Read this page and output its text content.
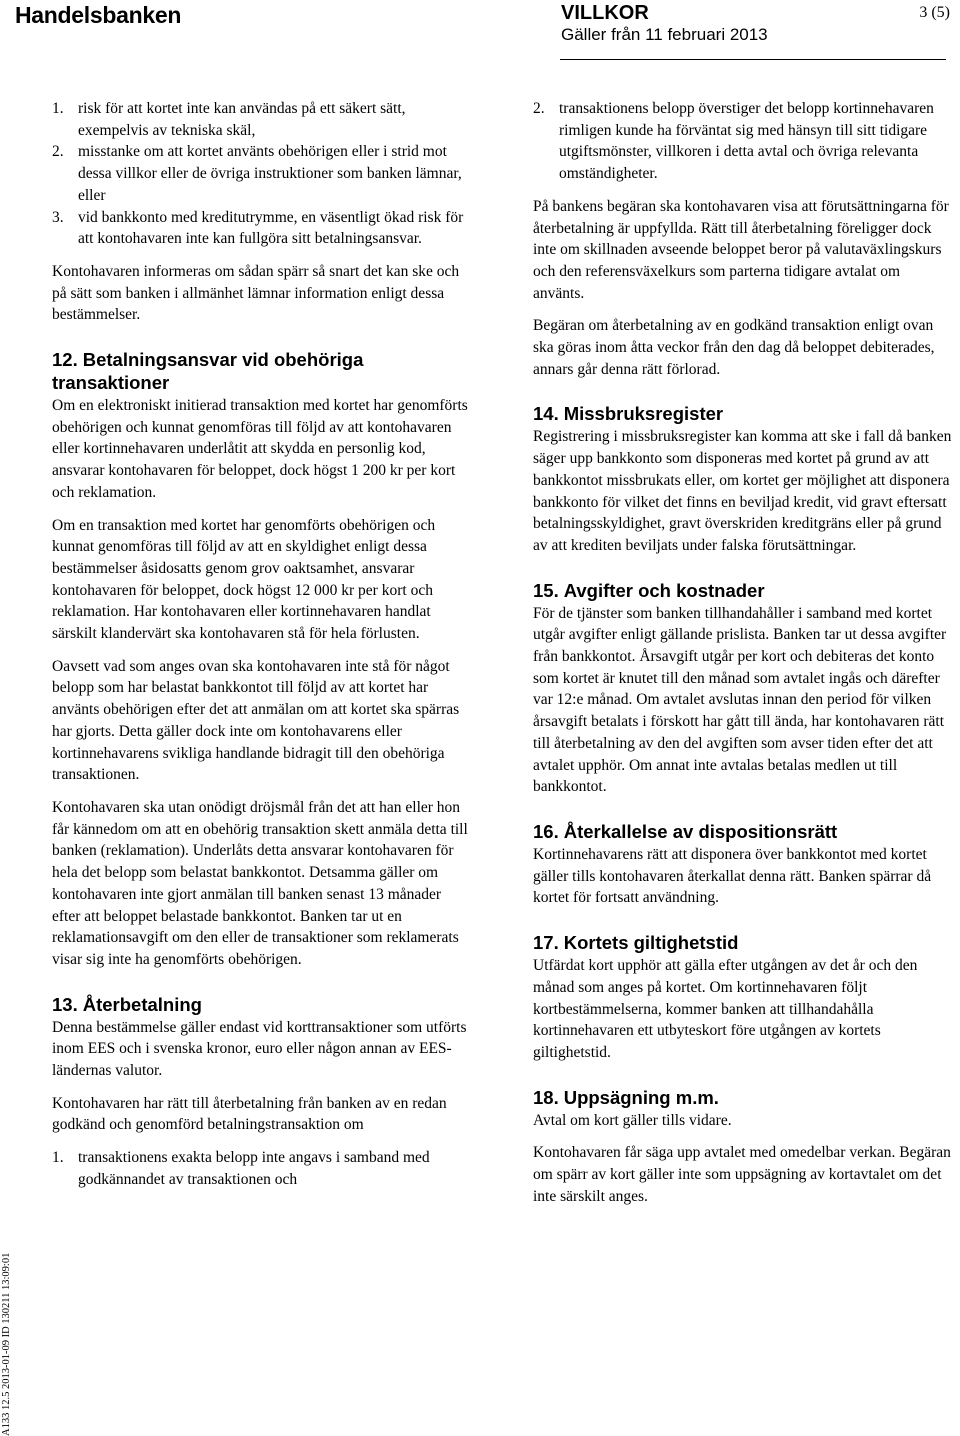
Handelsbanken	VILLKOR
Gäller från 11 februari 2013
3 (5)
A133 12.5 2013-01-09 ID 130211 13:09:01
1. risk för att kortet inte kan användas på ett säkert sätt, exempelvis av tekniska skäl,
2. misstanke om att kortet använts obehörigen eller i strid mot dessa villkor eller de övriga instruktioner som banken lämnar, eller
3. vid bankkonto med kreditutrymme, en väsentligt ökad risk för att kontohavaren inte kan fullgöra sitt betalningsansvar.

Kontohavaren informeras om sådan spärr så snart det kan ske och på sätt som banken i allmänhet lämnar information enligt dessa bestämmelser.

12. Betalningsansvar vid obehöriga transaktioner

Om en elektroniskt initierad transaktion med kortet har genomförts obehörigen och kunnat genomföras till följd av att kontohavaren eller kortinnehavaren underlåtit att skydda en personlig kod, ansvarar kontohavaren för beloppet, dock högst 1 200 kr per kort och reklamation.

Om en transaktion med kortet har genomförts obehörigen och kunnat genomföras till följd av att en skyldighet enligt dessa bestämmelser åsidosatts genom grov oaktsamhet, ansvarar kontohavaren för beloppet, dock högst 12 000 kr per kort och reklamation. Har kontohavaren eller kortinnehavaren handlat särskilt klandervärt ska kontohavaren stå för hela förlusten.

Oavsett vad som anges ovan ska kontohavaren inte stå för något belopp som har belastat bankkontot till följd av att kortet har använts obehörigen efter det att anmälan om att kortet ska spärras har gjorts. Detta gäller dock inte om kontohavarens eller kortinnehavarens svikliga handlande bidragit till den obehöriga transaktionen.

Kontohavaren ska utan onödigt dröjsmål från det att han eller hon får kännedom om att en obehörig transaktion skett anmäla detta till banken (reklamation). Underlåts detta ansvarar kontohavaren för hela det belopp som belastat bankkontot. Detsamma gäller om kontohavaren inte gjort anmälan till banken senast 13 månader efter att beloppet belastade bankkontot. Banken tar ut en reklamationsavgift om den eller de transaktioner som reklamerats visar sig inte ha genomförts obehörigen.

13. Återbetalning

Denna bestämmelse gäller endast vid korttransaktioner som utförts inom EES och i svenska kronor, euro eller någon annan av EES-ländernas valutor.

Kontohavaren har rätt till återbetalning från banken av en redan godkänd och genomförd betalningstransaktion om

1. transaktionens exakta belopp inte angavs i samband med godkännandet av transaktionen och
2. transaktionens belopp överstiger det belopp kortinnehavaren rimligen kunde ha förväntat sig med hänsyn till sitt tidigare utgiftsmönster, villkoren i detta avtal och övriga relevanta omständigheter.

På bankens begäran ska kontohavaren visa att förutsättningarna för återbetalning är uppfyllda. Rätt till återbetalning föreligger dock inte om skillnaden avseende beloppet beror på valutaväxlingskurs och den referensväxelkurs som parterna tidigare avtalat om använts.

Begäran om återbetalning av en godkänd transaktion enligt ovan ska göras inom åtta veckor från den dag då beloppet debiterades, annars går denna rätt förlorad.

14. Missbruksregister

Registrering i missbruksregister kan komma att ske i fall då banken säger upp bankkonto som disponeras med kortet på grund av att bankkontot missbrukats eller, om kortet ger möjlighet att disponera bankkonto för vilket det finns en beviljad kredit, vid gravt eftersatt betalningsskyldighet, gravt överskriden kreditgräns eller på grund av att krediten beviljats under falska förutsättningar.

15. Avgifter och kostnader

För de tjänster som banken tillhandahåller i samband med kortet utgår avgifter enligt gällande prislista. Banken tar ut dessa avgifter från bankkontot. Årsavgift utgår per kort och debiteras det konto som kortet är knutet till den månad som avtalet ingås och därefter var 12:e månad. Om avtalet avslutas innan den period för vilken årsavgift betalats i förskott har gått till ända, har kontohavaren rätt till återbetalning av den del avgiften som avser tiden efter det att avtalet upphör. Om annat inte avtalas betalas medlen ut till bankkontot.

16. Återkallelse av dispositionsrätt

Kortinnehavarens rätt att disponera över bankkontot med kortet gäller tills kontohavaren återkallat denna rätt. Banken spärrar då kortet för fortsatt användning.

17. Kortets giltighetstid

Utfärdat kort upphör att gälla efter utgången av det år och den månad som anges på kortet. Om kortinnehavaren följt kortbestämmelserna, kommer banken att tillhandahålla kortinnehavaren ett utbyteskort före utgången av kortets giltighetstid.

18. Uppsägning m.m.

Avtal om kort gäller tills vidare.

Kontohavaren får säga upp avtalet med omedelbar verkan. Begäran om spärr av kort gäller inte som uppsägning av kortavtalet om det inte särskilt anges.
